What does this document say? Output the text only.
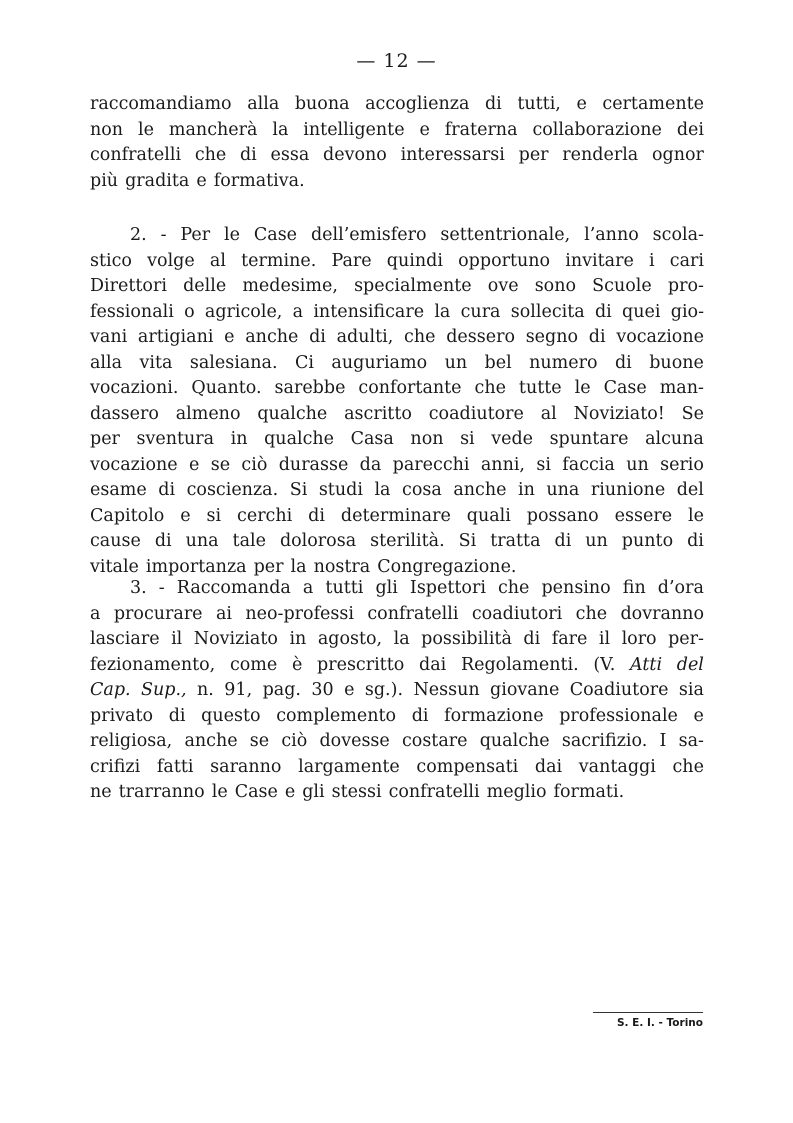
— 12 —
raccomandiamo alla buona accoglienza di tutti, e certamente
non le mancherà la intelligente e fraterna collaborazione dei
confratelli che di essa devono interessarsi per renderla ognor
più gradita e formativa.
2. - Per le Case dell’emisfero settentrionale, l’anno scola-
stico volge al termine. Pare quindi opportuno invitare i cari
Direttori delle medesime, specialmente ove sono Scuole pro-
fessionali o agricole, a intensificare la cura sollecita di quei gio-
vani artigiani e anche di adulti, che dessero segno di vocazione
alla vita salesiana. Ci auguriamo un bel numero di buone
vocazioni. Quanto. sarebbe confortante che tutte le Case man-
dassero almeno qualche ascritto coadiutore al Noviziato! Se
per sventura in qualche Casa non si vede spuntare alcuna
vocazione e se ciò durasse da parecchi anni, si faccia un serio
esame di coscienza. Si studi la cosa anche in una riunione del
Capitolo e si cerchi di determinare quali possano essere le
cause di una tale dolorosa sterilità. Si tratta di un punto di
vitale importanza per la nostra Congregazione.
3. - Raccomanda a tutti gli Ispettori che pensino fin d’ora
a procurare ai neo-professi confratelli coadiutori che dovranno
lasciare il Noviziato in agosto, la possibilità di fare il loro per-
fezionamento, come è prescritto dai Regolamenti. (V. Atti del
Cap. Sup., n. 91, pag. 30 e sg.). Nessun giovane Coadiutore sia
privato di questo complemento di formazione professionale e
religiosa, anche se ciò dovesse costare qualche sacrifizio. I sa-
crifizi fatti saranno largamente compensati dai vantaggi che
ne trarranno le Case e gli stessi confratelli meglio formati.
S. E. I. - Torino
